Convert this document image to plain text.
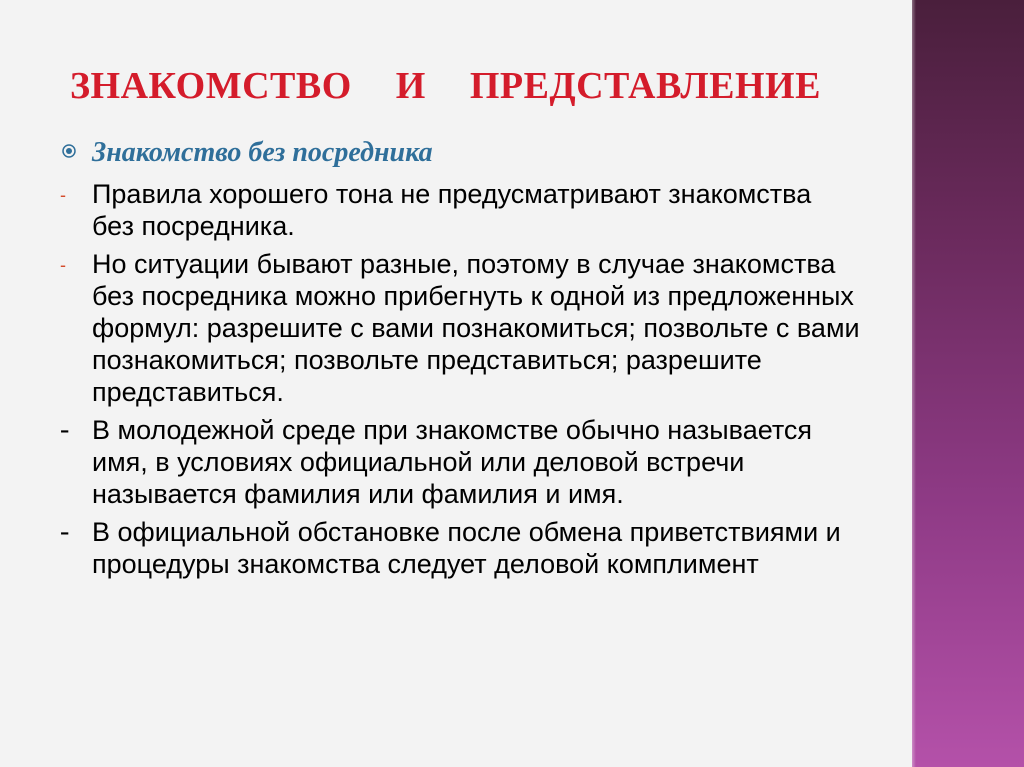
ЗНАКОМСТВО И ПРЕДСТАВЛЕНИЕ
Знакомство без посредника
- Правила хорошего тона не предусматривают знакомства без посредника.
- Но ситуации бывают разные, поэтому в случае знакомства без посредника можно прибегнуть к одной из предложенных формул: разрешите с вами познакомиться; позвольте с вами познакомиться; позвольте представиться; разрешите представиться.
- В молодежной среде при знакомстве обычно называется имя, в условиях официальной или деловой встречи называется фамилия или фамилия и имя.
- В официальной обстановке после обмена приветствиями и процедуры знакомства следует деловой комплимент
